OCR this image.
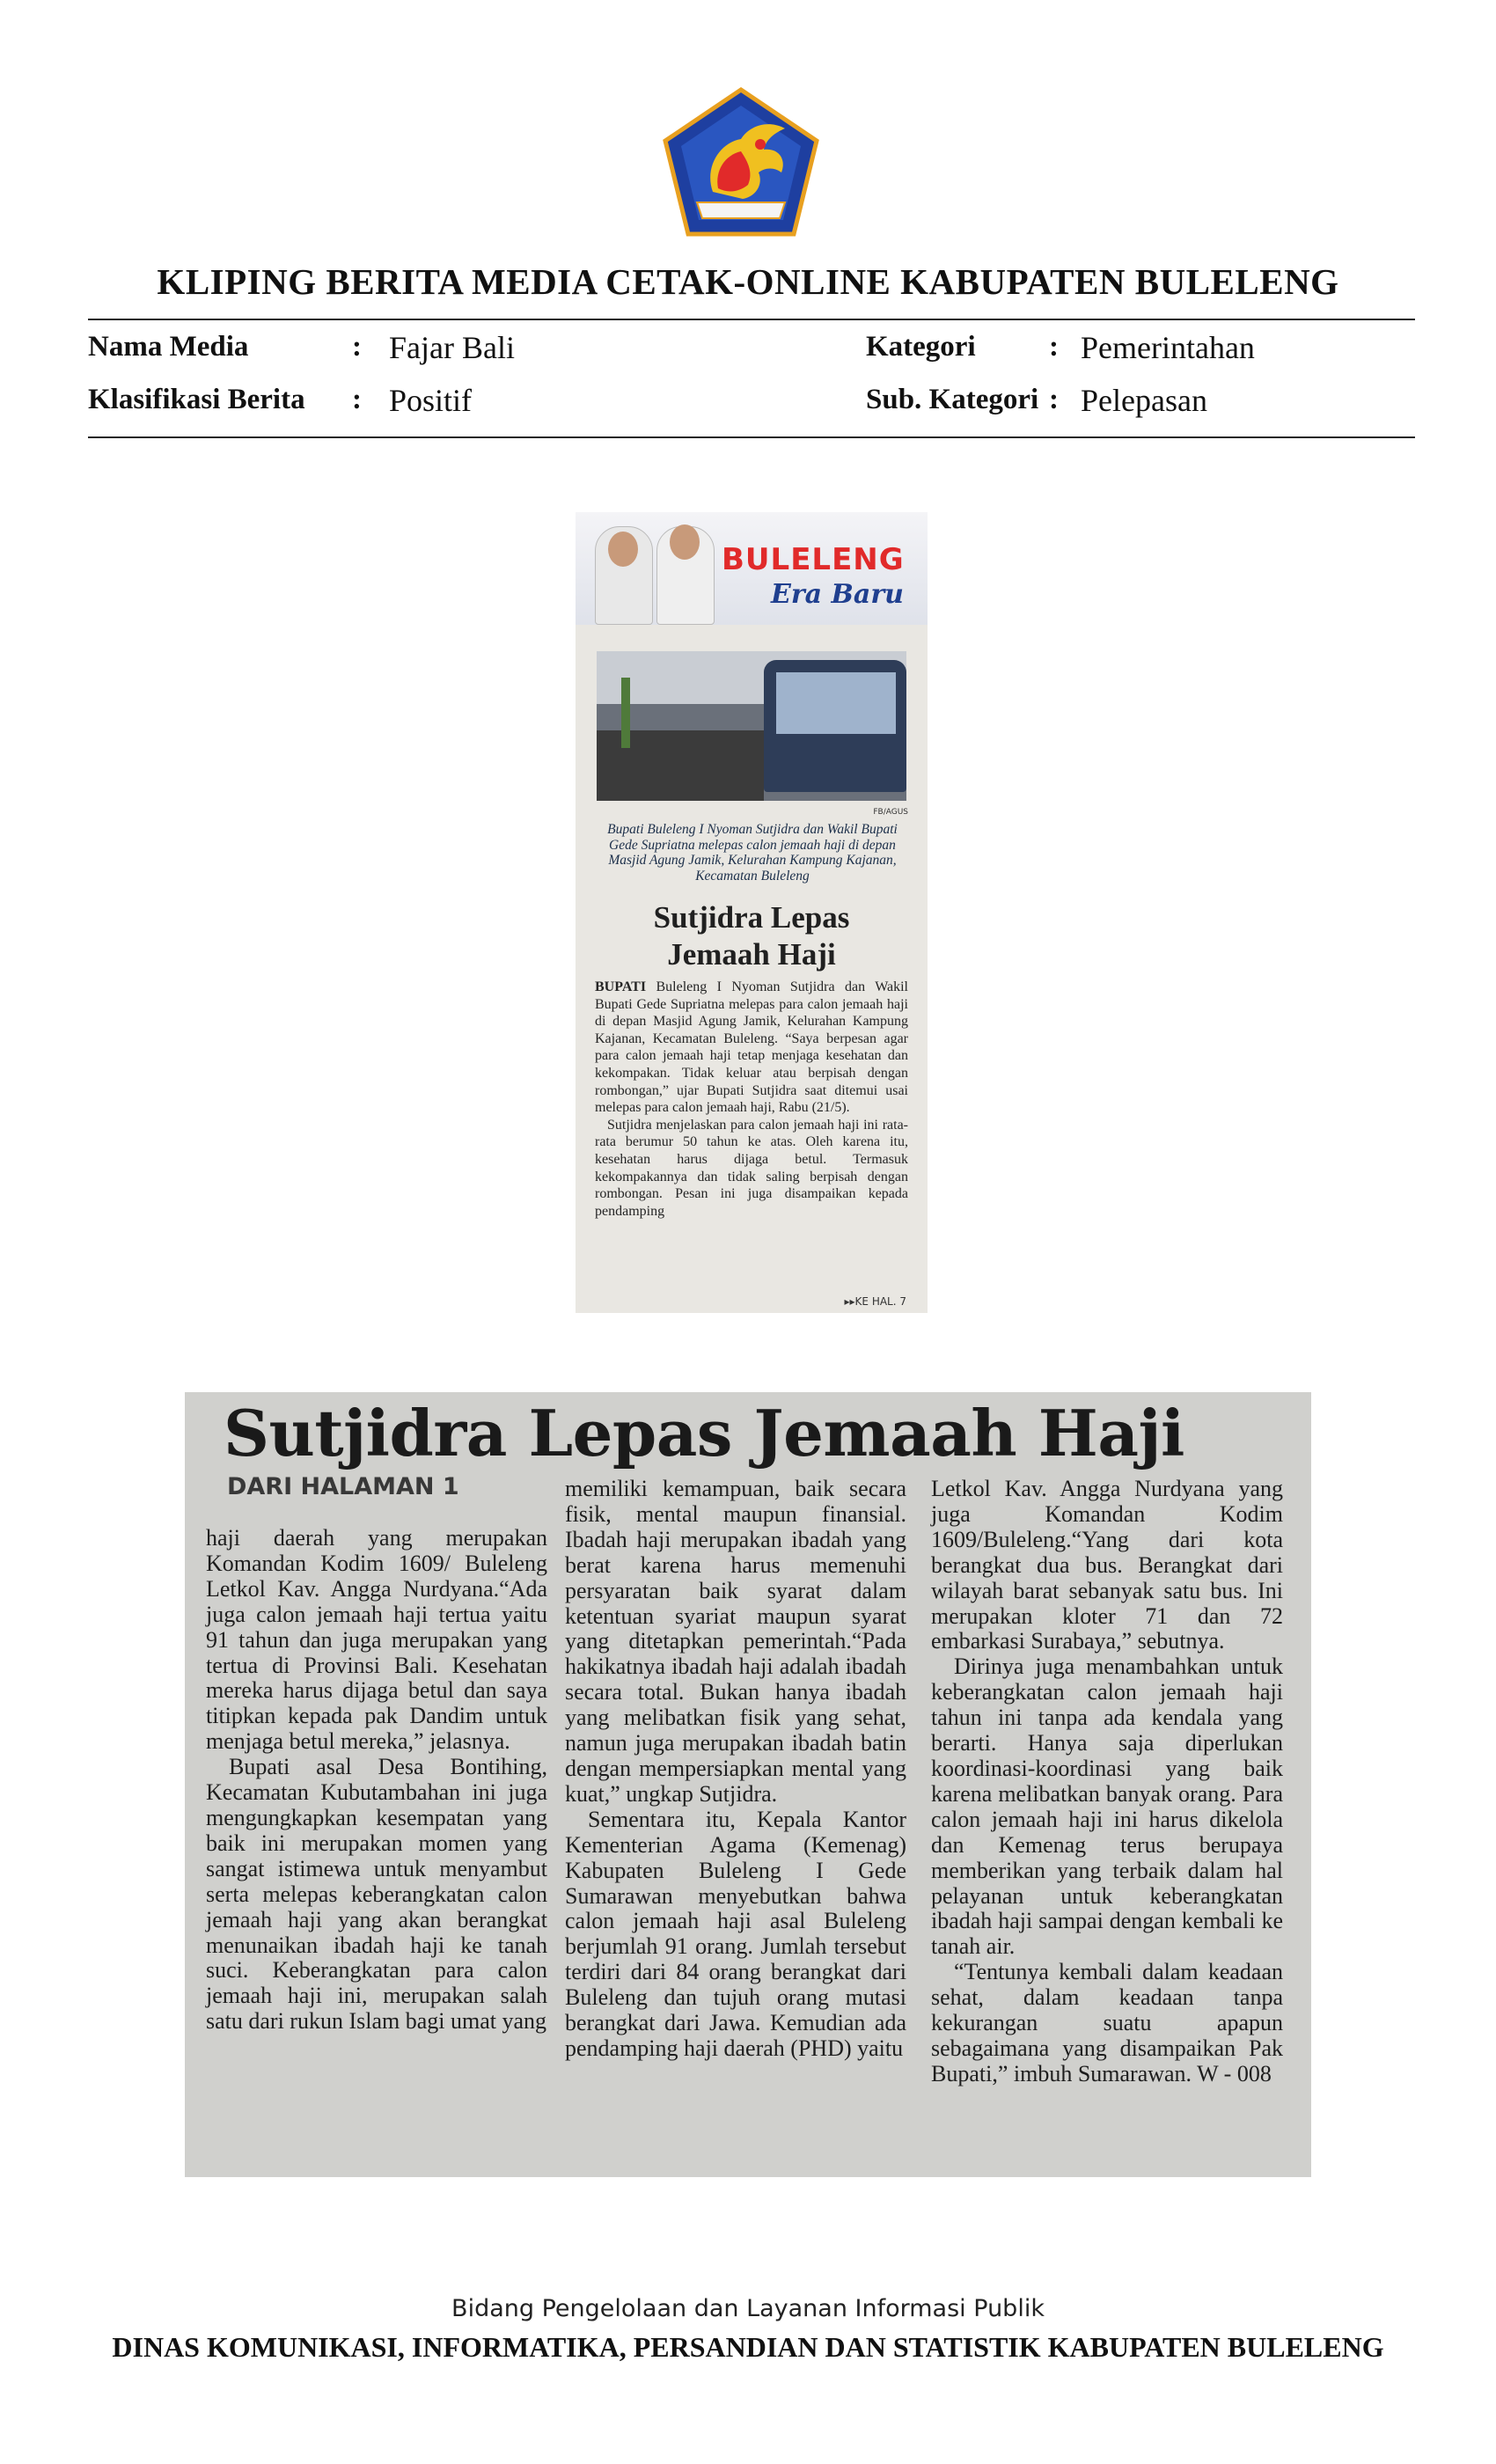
KLIPING BERITA MEDIA CETAK-ONLINE KABUPATEN BULELENG
Nama Media	: Fajar Bali	Kategori	: Pemerintahan
Klasifikasi Berita : Positif	Sub. Kategori : Pelepasan
BULELENG
Era Baru
FB/AGUS
Bupati Buleleng I Nyoman Sutjidra dan Wakil Bupati Gede Supriatna melepas calon jemaah haji di depan Masjid Agung Jamik, Kelurahan Kampung Kajanan, Kecamatan Buleleng
Sutjidra Lepas
Jemaah Haji

BUPATI Buleleng I Nyoman Sutjidra dan Wakil Bupati Gede Supriatna melepas para calon jemaah haji di depan Masjid Agung Jamik, Kelurahan Kampung Kajanan, Kecamatan Buleleng. “Saya berpesan agar para calon jemaah haji tetap menjaga kesehatan dan kekompakan. Tidak keluar atau berpisah dengan rombongan,” ujar Bupati Sutjidra saat ditemui usai melepas para calon jemaah haji, Rabu (21/5).

Sutjidra menjelaskan para calon jemaah haji ini rata-rata berumur 50 tahun ke atas. Oleh karena itu, kesehatan harus dijaga betul. Termasuk kekompakannya dan tidak saling berpisah dengan rombongan. Pesan ini juga disampaikan kepada pendamping

▸▸KE HAL. 7
Sutjidra Lepas Jemaah Haji
DARI HALAMAN 1

haji daerah yang merupakan Komandan Kodim 1609/ Buleleng Letkol Kav. Angga Nurdyana.“Ada juga calon jemaah haji tertua yaitu 91 tahun dan juga merupakan yang tertua di Provinsi Bali. Kesehatan mereka harus dijaga betul dan saya titipkan kepada pak Dandim untuk menjaga betul mereka,” jelasnya.

Bupati asal Desa Bontihing, Kecamatan Kubutambahan ini juga mengungkapkan kesempatan yang baik ini merupakan momen yang sangat istimewa untuk menyambut serta melepas keberangkatan calon jemaah haji yang akan berangkat menunaikan ibadah haji ke tanah suci. Keberangkatan para calon jemaah haji ini, merupakan salah satu dari rukun Islam bagi umat yang

memiliki kemampuan, baik secara fisik, mental maupun finansial. Ibadah haji merupakan ibadah yang berat karena harus memenuhi persyaratan baik syarat dalam ketentuan syariat maupun syarat yang ditetapkan pemerintah.“Pada hakikatnya ibadah haji adalah ibadah secara total. Bukan hanya ibadah yang melibatkan fisik yang sehat, namun juga merupakan ibadah batin dengan mempersiapkan mental yang kuat,” ungkap Sutjidra.

Sementara itu, Kepala Kantor Kementerian Agama (Kemenag) Kabupaten Buleleng I Gede Sumarawan menyebutkan bahwa calon jemaah haji asal Buleleng berjumlah 91 orang. Jumlah tersebut terdiri dari 84 orang berangkat dari Buleleng dan tujuh orang mutasi berangkat dari Jawa. Kemudian ada pendamping haji daerah (PHD) yaitu

Letkol Kav. Angga Nurdyana yang juga Komandan Kodim 1609/Buleleng.“Yang dari kota berangkat dua bus. Berangkat dari wilayah barat sebanyak satu bus. Ini merupakan kloter 71 dan 72 embarkasi Surabaya,” sebutnya.

Dirinya juga menambahkan untuk keberangkatan calon jemaah haji tahun ini tanpa ada kendala yang berarti. Hanya saja diperlukan koordinasi-koordinasi yang baik karena melibatkan banyak orang. Para calon jemaah haji ini harus dikelola dan Kemenag terus berupaya memberikan yang terbaik dalam hal pelayanan untuk keberangkatan ibadah haji sampai dengan kembali ke tanah air.

“Tentunya kembali dalam keadaan sehat, dalam keadaan tanpa kekurangan suatu apapun sebagaimana yang disampaikan Pak Bupati,” imbuh Sumarawan. W - 008

Bidang Pengelolaan dan Layanan Informasi Publik
DINAS KOMUNIKASI, INFORMATIKA, PERSANDIAN DAN STATISTIK KABUPATEN BULELENG
